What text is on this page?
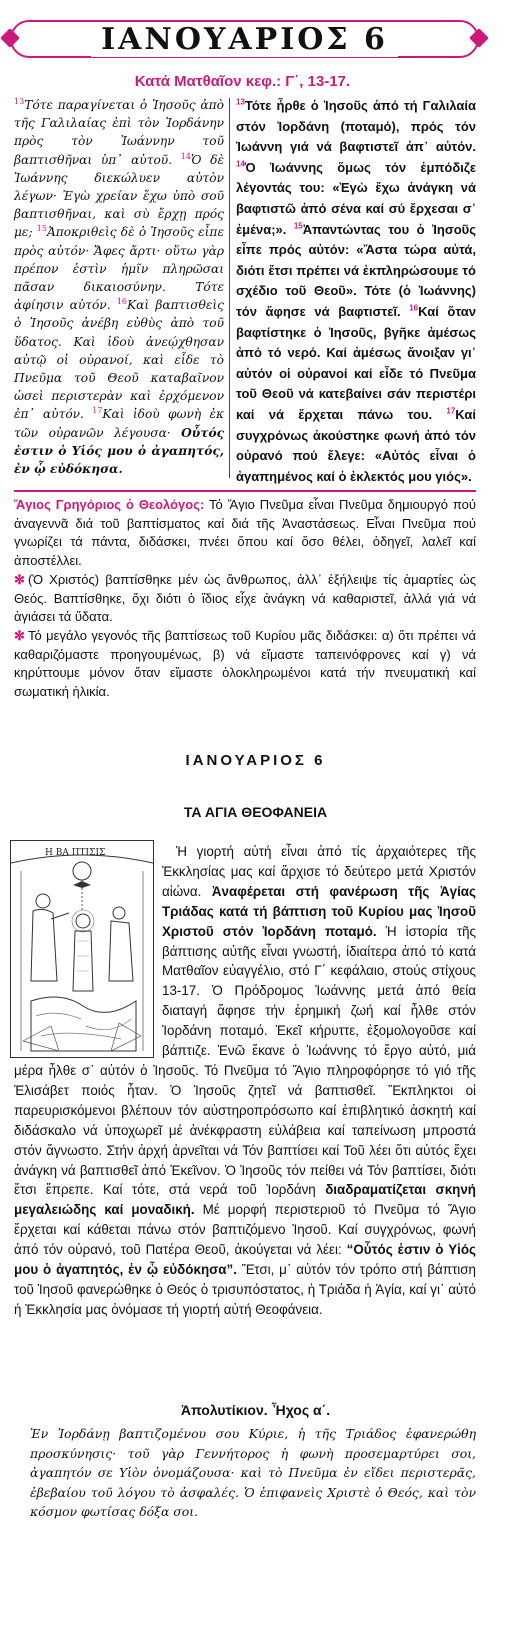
ΙΑΝΟΥΑΡΙΟΣ 6
Κατά Ματθαῖον κεφ.: Γ΄, 13-17.
$^{13}$Τότε παραγίνεται ὁ Ἰησοῦς ἀπὸ τῆς Γαλιλαίας ἐπὶ τὸν Ἰορδάνην πρὸς τὸν Ἰωάννην τοῦ βαπτισθῆναι ὑπ᾽ αὐτοῦ. $^{14}$Ὁ δὲ Ἰωάννης διεκώλυεν αὐτὸν λέγων· Ἐγὼ χρείαν ἔχω ὑπὸ σοῦ βαπτισθῆναι, καὶ σὺ ἔρχῃ πρός με; $^{15}$Ἀποκριθεὶς δὲ ὁ Ἰησοῦς εἶπε πρὸς αὐτόν· Ἄφες ἄρτι· οὕτω γὰρ πρέπον ἐστὶν ἡμῖν πληρῶσαι πᾶσαν δικαιοσύνην. Τότε ἀφίησιν αὐτόν. $^{16}$Καὶ βαπτισθεὶς ὁ Ἰησοῦς ἀνέβη εὐθὺς ἀπὸ τοῦ ὕδατος. Καὶ ἰδοὺ ἀνεῴχθησαν αὐτῷ οἱ οὐρανοί, καὶ εἶδε τὸ Πνεῦμα τοῦ Θεοῦ καταβαῖνον ὡσεὶ περιστερὰν καὶ ἐρχόμενον ἐπ᾽ αὐτόν. $^{17}$Καὶ ἰδοὺ φωνὴ ἐκ τῶν οὐρανῶν λέγουσα· Οὗτός ἐστιν ὁ Υἱός μου ὁ ἀγαπητός, ἐν ᾧ εὐδόκησα.
$^{13}$Τότε ἦρθε ὁ Ἰησοῦς ἀπό τή Γαλιλαία στόν Ἰορδάνη (ποταμό), πρός τόν Ἰωάννη γιά νά βαφτιστεῖ ἀπ᾽ αὐτόν. $^{14}$Ὁ Ἰωάννης ὅμως τόν ἐμπόδιζε λέγοντάς του: «Ἐγὼ ἔχω ἀνάγκη νά βαφτιστῶ ἀπό σένα καί σύ ἔρχεσαι σ᾽ ἐμένα;». $^{15}$Ἀπαντώντας του ὁ Ἰησοῦς εἶπε πρός αὐτόν: «Ἄστα τώρα αὐτά, διότι ἔτσι πρέπει νά ἐκπληρώσουμε τό σχέδιο τοῦ Θεοῦ». Τότε (ὁ Ἰωάννης) τόν ἄφησε νά βαφτιστεῖ. $^{16}$Καί ὅταν βαφτίστηκε ὁ Ἰησοῦς, βγῆκε ἀμέσως ἀπό τό νερό. Καί ἀμέσως ἄνοιξαν γι᾽ αὐτόν οἱ οὐρανοί καί εἶδε τό Πνεῦμα τοῦ Θεοῦ νά κατεβαίνει σάν περιστέρι καί νά ἔρχεται πάνω του. $^{17}$Καί συγχρόνως ἀκούστηκε φωνή ἀπό τόν οὐρανό πού ἔλεγε: «Αὐτός εἶναι ὁ ἀγαπημένος καί ὁ ἐκλεκτός μου γιός».

Ἅγιος Γρηγόριος ὁ Θεολόγος: Τό Ἅγιο Πνεῦμα εἶναι Πνεῦμα δημιουργό πού ἀναγεννᾶ διά τοῦ βαπτίσματος καί διά τῆς Ἀναστάσεως. Εἶναι Πνεῦμα πού γνωρίζει τά πάντα, διδάσκει, πνέει ὅπου καί ὅσο θέλει, ὁδηγεῖ, λαλεῖ καί ἀποστέλλει.

✻ (Ὁ Χριστός) βαπτίσθηκε μέν ὡς ἄνθρωπος, ἀλλ᾽ ἐξήλειψε τίς ἁμαρτίες ὡς Θεός. Βαπτίσθηκε, ὄχι διότι ὁ ἴδιος εἶχε ἀνάγκη νά καθαριστεῖ, ἀλλά γιά νά ἁγιάσει τά ὕδατα.

✻ Τό μεγάλο γεγονός τῆς βαπτίσεως τοῦ Κυρίου μᾶς διδάσκει: α) ὅτι πρέπει νά καθαριζόμαστε προηγουμένως, β) νά εἴμαστε ταπεινόφρονες καί γ) νά κηρύττουμε μόνον ὅταν εἴμαστε ὁλοκληρωμένοι κατά τήν πνευματική καί σωματική ἡλικία.

ΙΑΝΟΥΑΡΙΟΣ 6
ΤΑ ΑΓΙΑ ΘΕΟΦΑΝΕΙΑ
Η ΒΑ ΠΤΙΣΙΣ	Ἡ γιορτή αὐτή εἶναι ἀπό τίς ἀρχαιότερες τῆς Ἐκκλησίας μας καί ἄρχισε τό δεύτερο μετά Χριστόν αἰώνα. Ἀναφέρεται στή φανέρωση τῆς Ἁγίας Τριάδας κατά τή βάπτιση τοῦ Κυρίου μας Ἰησοῦ Χριστοῦ στόν Ἰορδάνη ποταμό. Ἡ ἱστορία τῆς βάπτισης αὐτῆς εἶναι γνωστή, ἰδιαίτερα ἀπό τό κατά Ματθαῖον εὐαγγέλιο, στό Γ΄ κεφάλαιο, στούς στίχους 13-17. Ὁ Πρόδρομος Ἰωάννης μετά ἀπό θεία διαταγή ἄφησε τήν ἐρημική ζωή καί ἦλθε στόν Ἰορδάνη ποταμό. Ἐκεῖ κήρυττε, ἐξομολογοῦσε καί βάπτιζε. Ἐνῶ ἔκανε ὁ Ἰωάννης τό ἔργο αὐτό, μιά μέρα ἦλθε σ᾽ αὐτόν ὁ Ἰησοῦς. Τό Πνεῦμα τό Ἅγιο πληροφόρησε τό γιό τῆς Ἐλισάβετ ποιός ἦταν. Ὁ Ἰησοῦς ζητεῖ νά βαπτισθεῖ. Ἔκπληκτοι οἱ παρευρισκόμενοι βλέπουν τόν αὐστηροπρόσωπο καί ἐπιβλητικό ἀσκητή καί διδάσκαλο νά ὑποχωρεῖ μέ ἀνέκφραστη εὐλάβεια καί ταπείνωση μπροστά στόν ἄγνωστο. Στήν ἀρχή ἀρνεῖται νά Τόν βαπτίσει καί Τοῦ λέει ὅτι αὐτός ἔχει ἀνάγκη νά βαπτισθεῖ ἀπό Ἐκεῖνον. Ὁ Ἰησοῦς τόν πείθει νά Τόν βαπτίσει, διότι ἔτσι ἔπρεπε. Καί τότε, στά νερά τοῦ Ἰορδάνη διαδραματίζεται σκηνή μεγαλειώδης καί μοναδική. Μέ μορφή περιστεριοῦ τό Πνεῦμα τό Ἅγιο ἔρχεται καί κάθεται πάνω στόν βαπτιζόμενο Ἰησοῦ. Καί συγχρόνως, φωνή ἀπό τόν οὐρανό, τοῦ Πατέρα Θεοῦ, ἀκούγεται νά λέει: “Οὗτός ἐστιν ὁ Υἱός μου ὁ ἀγαπητός, ἐν ᾧ εὐδόκησα”. Ἔτσι, μ᾽ αὐτόν τόν τρόπο στή βάπτιση τοῦ Ἰησοῦ φανερώθηκε ὁ Θεός ὁ τρισυπόστατος, ἡ Τριάδα ἡ Ἁγία, καί γι᾽ αὐτό ἡ Ἐκκλησία μας ὀνόμασε τή γιορτή αὐτή Θεοφάνεια.

Ἀπολυτίκιον. Ἦχος α΄.
Ἐν Ἰορδάνῃ βαπτιζομένου σου Κύριε, ἡ τῆς Τριάδος ἐφανερώθη προσκύνησις· τοῦ γὰρ Γεννήτορος ἡ φωνὴ προσεμαρτύρει σοι, ἀγαπητόν σε Υἱὸν ὀνομάζουσα· καὶ τὸ Πνεῦμα ἐν εἴδει περιστερᾶς, ἐβεβαίου τοῦ λόγου τὸ ἀσφαλές. Ὁ ἐπιφανεὶς Χριστὲ ὁ Θεός, καὶ τὸν κόσμον φωτίσας δόξα σοι.
